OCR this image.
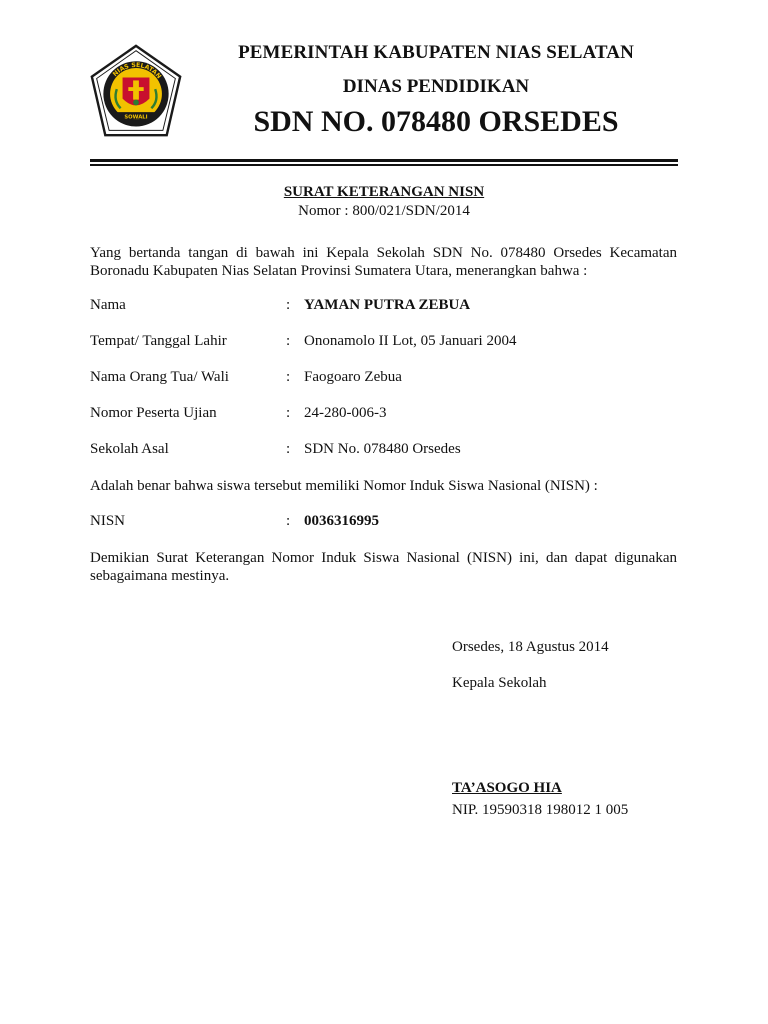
NIAS SELATAN
SOWALI
PEMERINTAH KABUPATEN NIAS SELATAN
DINAS PENDIDIKAN
SDN NO. 078480 ORSEDES
SURAT KETERANGAN NISN
Nomor : 800/021/SDN/2014
Yang bertanda tangan di bawah ini Kepala Sekolah SDN No. 078480 Orsedes Kecamatan Boronadu Kabupaten Nias Selatan Provinsi Sumatera Utara, menerangkan bahwa :
Nama	: YAMAN PUTRA ZEBUA
Tempat/ Tanggal Lahir	: Ononamolo II Lot, 05 Januari 2004
Nama Orang Tua/ Wali	: Faogoaro Zebua
Nomor Peserta Ujian	: 24-280-006-3
Sekolah Asal	: SDN No. 078480 Orsedes
Adalah benar bahwa siswa tersebut memiliki Nomor Induk Siswa Nasional (NISN) :
NISN	: 0036316995
Demikian Surat Keterangan Nomor Induk Siswa Nasional (NISN) ini, dan dapat digunakan sebagaimana mestinya.
Orsedes, 18 Agustus 2014
Kepala Sekolah
TA’ASOGO HIA
NIP. 19590318 198012 1 005
